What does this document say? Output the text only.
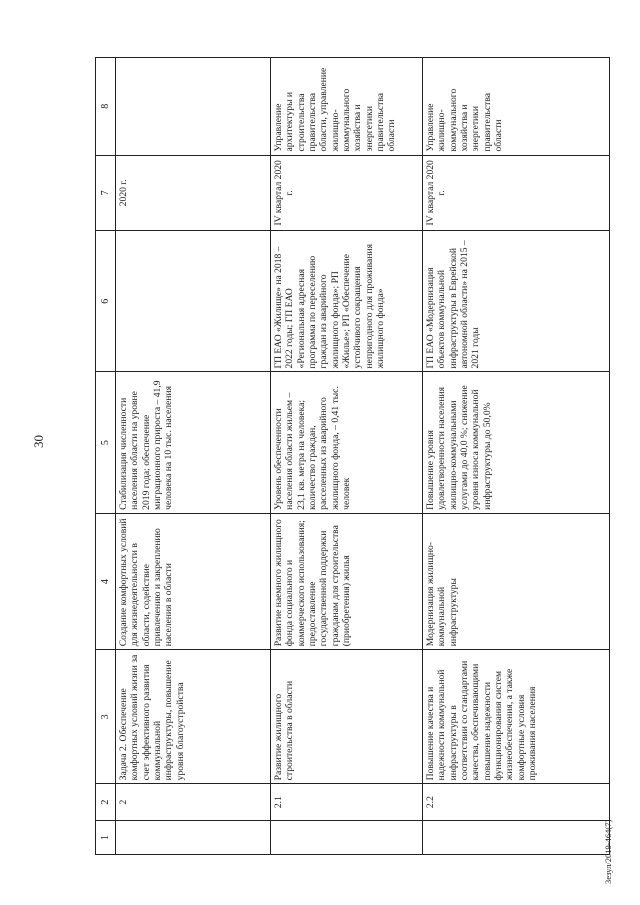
30
3езул/2019-464(7)
1	2	3	4	5	6	7	8
	2	Задача 2. Обеспечение комфортных условий жизни за счет эффективного развития коммунальной инфраструктуры, повышение уровня благоустройства	Создание комфортных условий для жизнедеятельности в области, содействие привлечению и закреплению населения в области	Стабилизация численности населения области на уровне 2019 года; обеспечение миграционного прироста – 41,9 человека на 10 тыс. населения		2020 г.	
	2.1	Развитие жилищного строительства в области	Развитие наемного жилищного фонда социального и коммерческого использования; предоставление государственной поддержки гражданам для строительства (приобретения) жилья	Уровень обеспеченности населения области жильем – 23,1 кв. метра на человека; количество граждан, расселенных из аварийного жилищного фонда, – 0,41 тыс. человек	ГП ЕАО «Жилище» на 2018 – 2022 годы; ГП ЕАО «Региональная адресная программа по переселению граждан из аварийного жилищного фонда»; РП «Жилье»; РП «Обеспечение устойчивого сокращения непригодного для проживания жилищного фонда»	IV квартал 2020 г.	Управление архитектуры и строительства правительства области, управление жилищно-коммунального хозяйства и энергетики правительства области
	2.2	Повышение качества и надежности коммунальной инфраструктуры в соответствии со стандартами качества, обеспечивающими повышение надежности функционирования систем жизнеобеспечения, а также комфортные условия проживания населения	Модернизация жилищно-коммунальной инфраструктуры	Повышение уровня удовлетворенности населения жилищно-коммунальными услугами до 40,0 %; снижение уровня износа коммунальной инфраструктуры до 50,0%	ГП ЕАО «Модернизация объектов коммунальной инфраструктуры в Еврейской автономной области» на 2015 – 2021 годы	IV квартал 2020 г.	Управление жилищно-коммунального хозяйства и энергетики правительства области
